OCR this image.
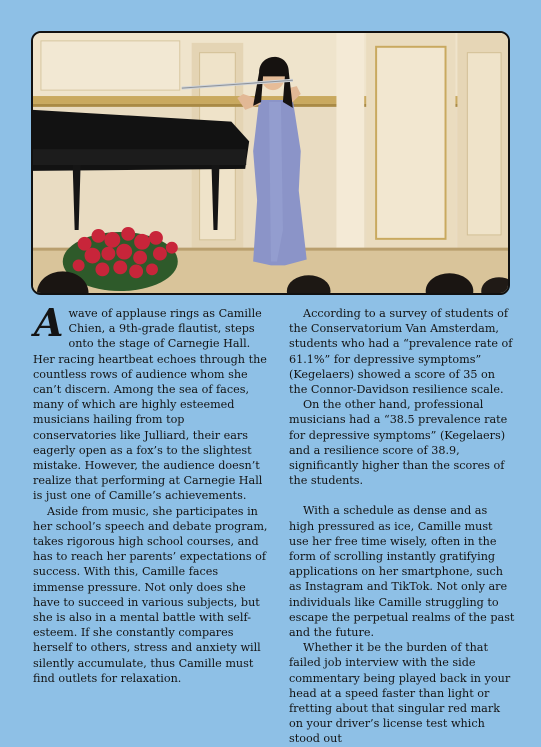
Awave of applause rings as Camille Chien, a 9th-grade flautist, steps onto the stage of Carnegie Hall. Her racing heartbeat echoes through the countless rows of audience whom she can’t discern. Among the sea of faces, many of which are highly esteemed musicians hailing from top conservatories like Julliard, their ears eagerly open as a fox’s to the slightest mistake. However, the audience doesn’t realize that performing at Carnegie Hall is just one of Camille’s achievements.

Aside from music, she participates in her school’s speech and debate program, takes rigorous high school courses, and has to reach her parents’ expectations of success. With this, Camille faces immense pressure. Not only does she have to succeed in various subjects, but she is also in a mental battle with self-esteem. If she constantly compares herself to others, stress and anxiety will silently accumulate, thus Camille must find outlets for relaxation.

According to a survey of students of the Conservatorium Van Amsterdam, students who had a “prevalence rate of 61.1%” for depressive symptoms” (Kegelaers) showed a score of 35 on the Connor-Davidson resilience scale.

On the other hand, professional musicians had a “38.5 prevalence rate for depressive symptoms” (Kegelaers) and a resilience score of 38.9, significantly higher than the scores of the students.

With a schedule as dense and as high pressured as ice, Camille must use her free time wisely, often in the form of scrolling instantly gratifying applications on her smartphone, such as Instagram and TikTok. Not only are individuals like Camille struggling to escape the perpetual realms of the past and the future.

Whether it be the burden of that failed job interview with the side commentary being played back in your head at a speed faster than light or fretting about that singular red mark on your driver’s license test which stood out
